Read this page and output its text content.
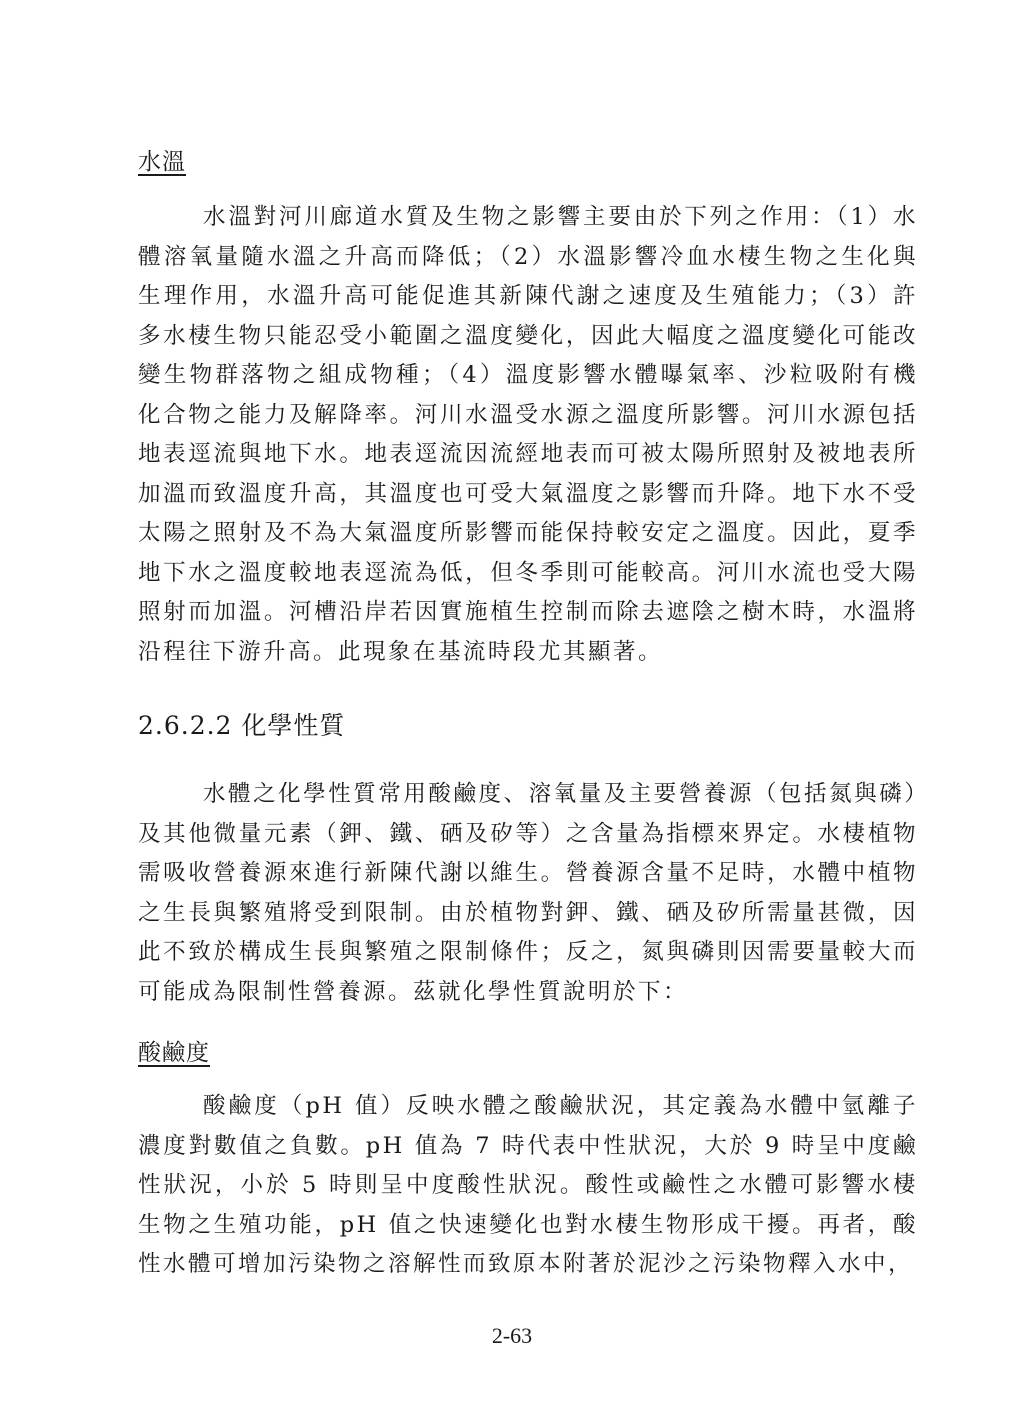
水溫

水溫對河川廊道水質及生物之影響主要由於下列之作用：（1）水體溶氧量隨水溫之升高而降低；（2）水溫影響冷血水棲生物之生化與生理作用，水溫升高可能促進其新陳代謝之速度及生殖能力；（3）許多水棲生物只能忍受小範圍之溫度變化，因此大幅度之溫度變化可能改變生物群落物之組成物種；（4）溫度影響水體曝氣率、沙粒吸附有機化合物之能力及解降率。河川水溫受水源之溫度所影響。河川水源包括地表逕流與地下水。地表逕流因流經地表而可被太陽所照射及被地表所加溫而致溫度升高，其溫度也可受大氣溫度之影響而升降。地下水不受太陽之照射及不為大氣溫度所影響而能保持較安定之溫度。因此，夏季地下水之溫度較地表逕流為低，但冬季則可能較高。河川水流也受大陽照射而加溫。河槽沿岸若因實施植生控制而除去遮陰之樹木時，水溫將沿程往下游升高。此現象在基流時段尤其顯著。

2.6.2.2 化學性質

水體之化學性質常用酸鹼度、溶氧量及主要營養源（包括氮與磷）及其他微量元素（鉀、鐵、硒及矽等）之含量為指標來界定。水棲植物需吸收營養源來進行新陳代謝以維生。營養源含量不足時，水體中植物之生長與繁殖將受到限制。由於植物對鉀、鐵、硒及矽所需量甚微，因此不致於構成生長與繁殖之限制條件；反之，氮與磷則因需要量較大而可能成為限制性營養源。茲就化學性質說明於下：

酸鹼度

酸鹼度（pH 值）反映水體之酸鹼狀況，其定義為水體中氫離子濃度對數值之負數。pH 值為 7 時代表中性狀況，大於 9 時呈中度鹼性狀況，小於 5 時則呈中度酸性狀況。酸性或鹼性之水體可影響水棲生物之生殖功能，pH 值之快速變化也對水棲生物形成干擾。再者，酸性水體可增加污染物之溶解性而致原本附著於泥沙之污染物釋入水中，

2-63
